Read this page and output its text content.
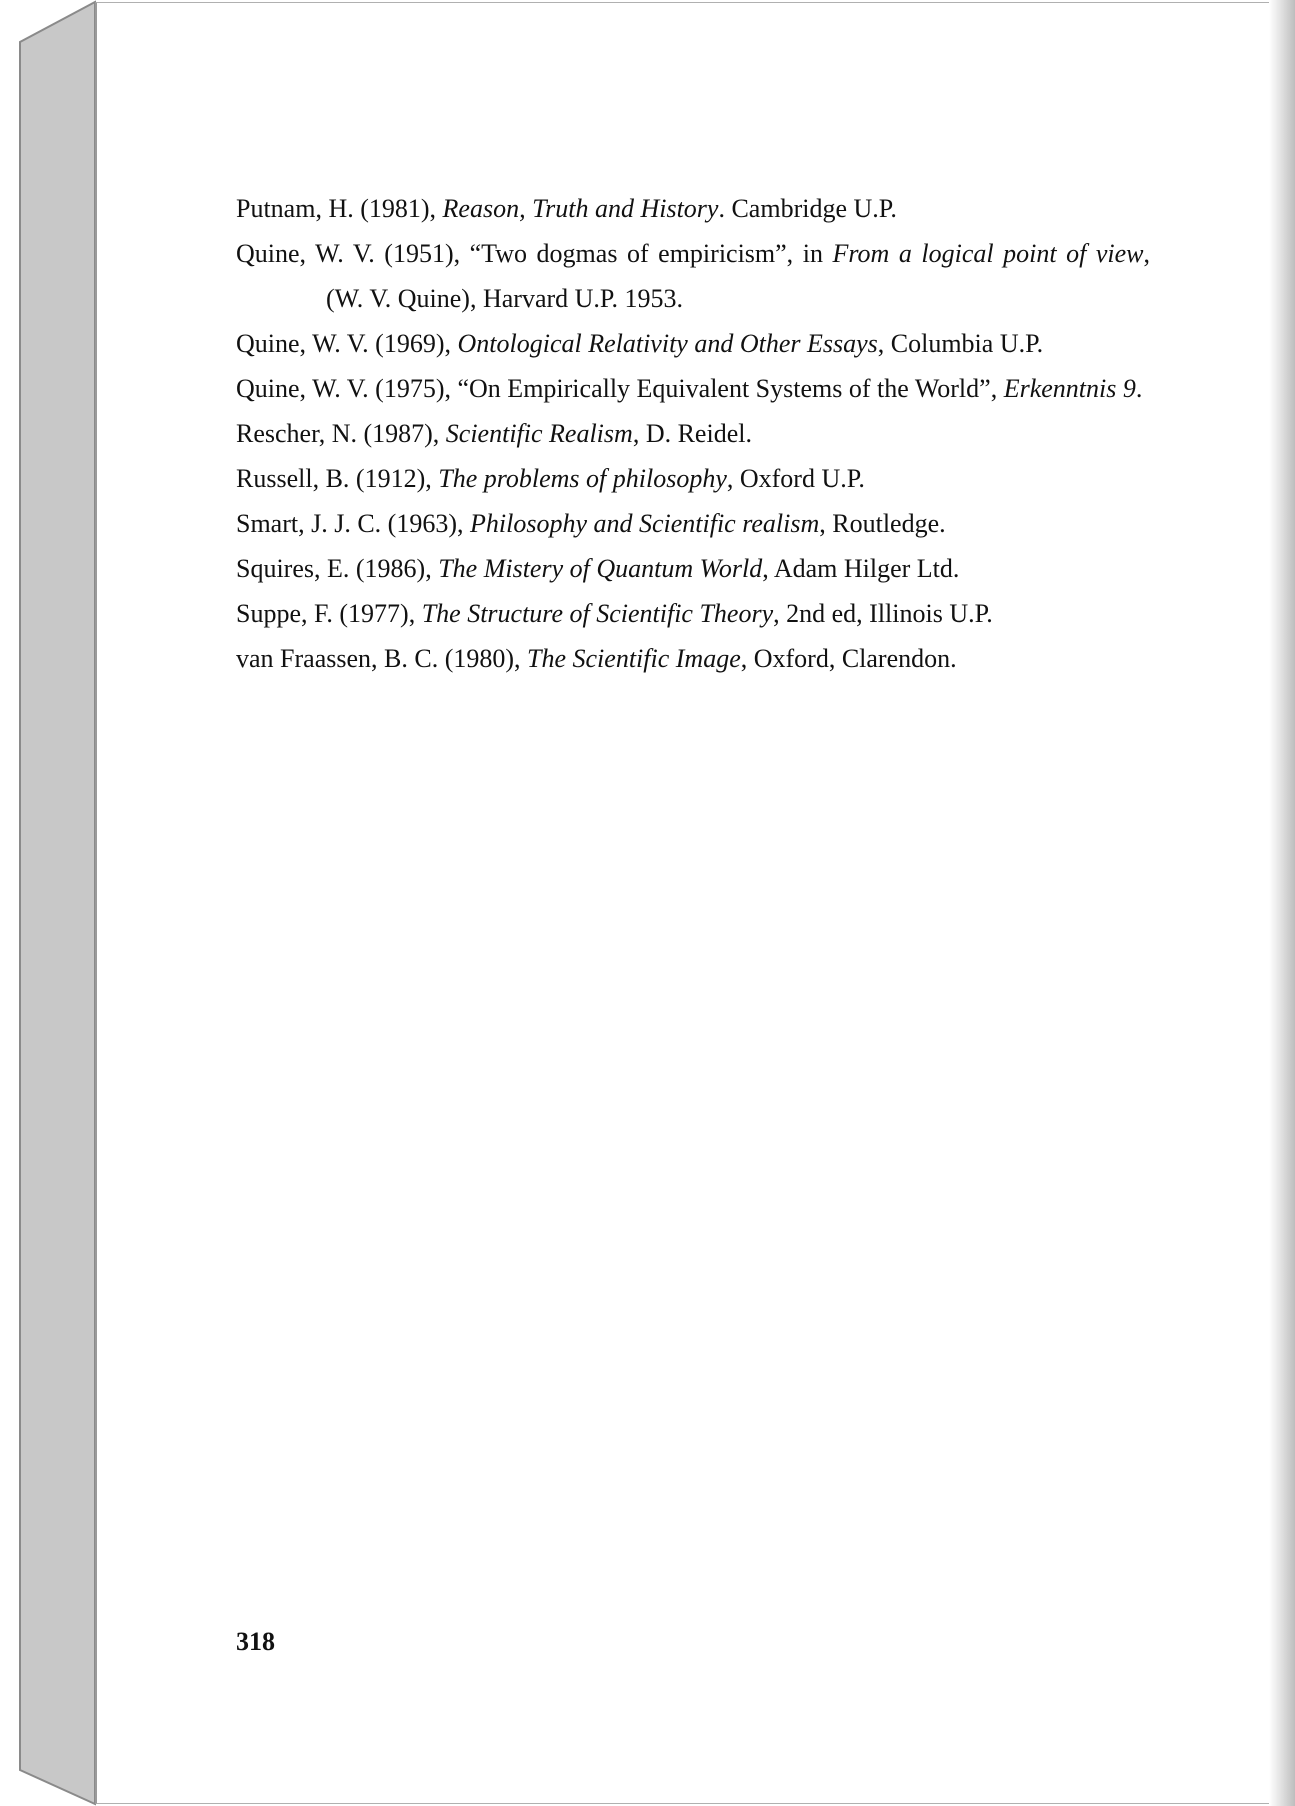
Putnam, H. (1981), Reason, Truth and History. Cambridge U.P.

Quine, W. V. (1951), “Two dogmas of empiricism”, in From a logical point of view, (W. V. Quine), Harvard U.P. 1953.

Quine, W. V. (1969), Ontological Relativity and Other Essays, Columbia U.P.

Quine, W. V. (1975), “On Empirically Equivalent Systems of the World”, Erkenntnis 9.

Rescher, N. (1987), Scientific Realism, D. Reidel.

Russell, B. (1912), The problems of philosophy, Oxford U.P.

Smart, J. J. C. (1963), Philosophy and Scientific realism, Routledge.

Squires, E. (1986), The Mistery of Quantum World, Adam Hilger Ltd.

Suppe, F. (1977), The Structure of Scientific Theory, 2nd ed, Illinois U.P.

van Fraassen, B. C. (1980), The Scientific Image, Oxford, Clarendon.

318
